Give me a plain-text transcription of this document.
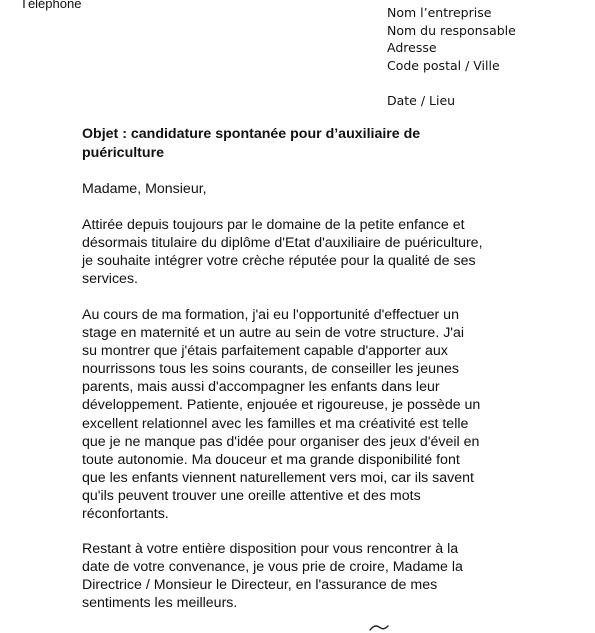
Téléphone
Nom l’entreprise
Nom du responsable
Adresse
Code postal / Ville
Date / Lieu
Objet : candidature spontanée pour d’auxiliaire de puériculture
Madame, Monsieur,
Attirée depuis toujours par le domaine de la petite enfance et
désormais titulaire du diplôme d'Etat d'auxiliaire de puériculture,
je souhaite intégrer votre crèche réputée pour la qualité de ses
services.
Au cours de ma formation, j'ai eu l'opportunité d'effectuer un
stage en maternité et un autre au sein de votre structure. J'ai
su montrer que j'étais parfaitement capable d'apporter aux
nourrissons tous les soins courants, de conseiller les jeunes
parents, mais aussi d'accompagner les enfants dans leur
développement. Patiente, enjouée et rigoureuse, je possède un
excellent relationnel avec les familles et ma créativité est telle
que je ne manque pas d'idée pour organiser des jeux d'éveil en
toute autonomie. Ma douceur et ma grande disponibilité font
que les enfants viennent naturellement vers moi, car ils savent
qu'ils peuvent trouver une oreille attentive et des mots
réconfortants.
Restant à votre entière disposition pour vous rencontrer à la
date de votre convenance, je vous prie de croire, Madame la
Directrice / Monsieur le Directeur, en l'assurance de mes
sentiments les meilleurs.
